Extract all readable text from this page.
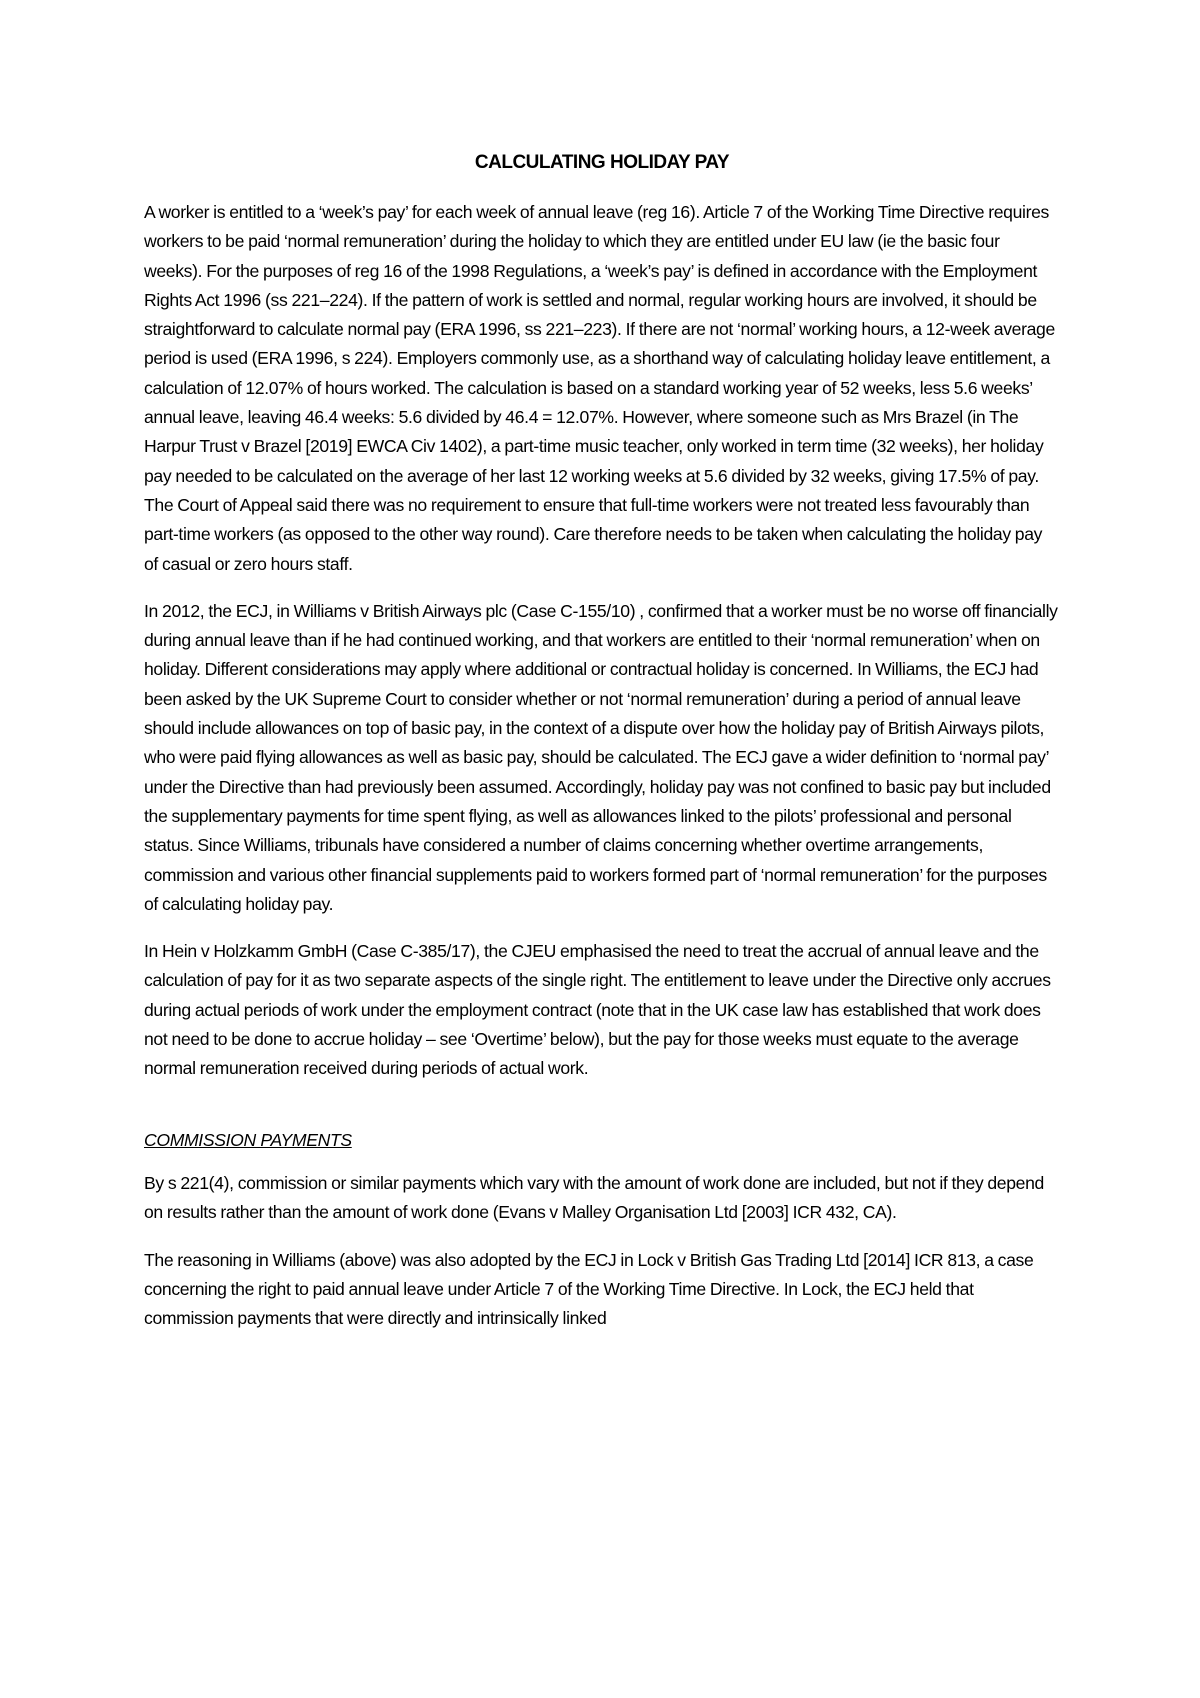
CALCULATING HOLIDAY PAY

A worker is entitled to a ‘week’s pay’ for each week of annual leave (reg 16). Article 7 of the Working Time Directive requires workers to be paid ‘normal remuneration’ during the holiday to which they are entitled under EU law (ie the basic four weeks). For the purposes of reg 16 of the 1998 Regulations, a ‘week’s pay’ is defined in accordance with the Employment Rights Act 1996 (ss 221–224). If the pattern of work is settled and normal, regular working hours are involved, it should be straightforward to calculate normal pay (ERA 1996, ss 221–223). If there are not ‘normal’ working hours, a 12-week average period is used (ERA 1996, s 224). Employers commonly use, as a shorthand way of calculating holiday leave entitlement, a calculation of 12.07% of hours worked. The calculation is based on a standard working year of 52 weeks, less 5.6 weeks’ annual leave, leaving 46.4 weeks: 5.6 divided by 46.4 = 12.07%. However, where someone such as Mrs Brazel (in The Harpur Trust v Brazel [2019] EWCA Civ 1402), a part-time music teacher, only worked in term time (32 weeks), her holiday pay needed to be calculated on the average of her last 12 working weeks at 5.6 divided by 32 weeks, giving 17.5% of pay. The Court of Appeal said there was no requirement to ensure that full-time workers were not treated less favourably than part-time workers (as opposed to the other way round). Care therefore needs to be taken when calculating the holiday pay of casual or zero hours staff.

In 2012, the ECJ, in Williams v British Airways plc (Case C-155/10) , confirmed that a worker must be no worse off financially during annual leave than if he had continued working, and that workers are entitled to their ‘normal remuneration’ when on holiday. Different considerations may apply where additional or contractual holiday is concerned. In Williams, the ECJ had been asked by the UK Supreme Court to consider whether or not ‘normal remuneration’ during a period of annual leave should include allowances on top of basic pay, in the context of a dispute over how the holiday pay of British Airways pilots, who were paid flying allowances as well as basic pay, should be calculated. The ECJ gave a wider definition to ‘normal pay’ under the Directive than had previously been assumed. Accordingly, holiday pay was not confined to basic pay but included the supplementary payments for time spent flying, as well as allowances linked to the pilots’ professional and personal status. Since Williams, tribunals have considered a number of claims concerning whether overtime arrangements, commission and various other financial supplements paid to workers formed part of ‘normal remuneration’ for the purposes of calculating holiday pay.

In Hein v Holzkamm GmbH (Case C-385/17), the CJEU emphasised the need to treat the accrual of annual leave and the calculation of pay for it as two separate aspects of the single right. The entitlement to leave under the Directive only accrues during actual periods of work under the employment contract (note that in the UK case law has established that work does not need to be done to accrue holiday – see ‘Overtime’ below), but the pay for those weeks must equate to the average normal remuneration received during periods of actual work.

COMMISSION PAYMENTS

By s 221(4), commission or similar payments which vary with the amount of work done are included, but not if they depend on results rather than the amount of work done (Evans v Malley Organisation Ltd [2003] ICR 432, CA).

The reasoning in Williams (above) was also adopted by the ECJ in Lock v British Gas Trading Ltd [2014] ICR 813, a case concerning the right to paid annual leave under Article 7 of the Working Time Directive. In Lock, the ECJ held that commission payments that were directly and intrinsically linked
